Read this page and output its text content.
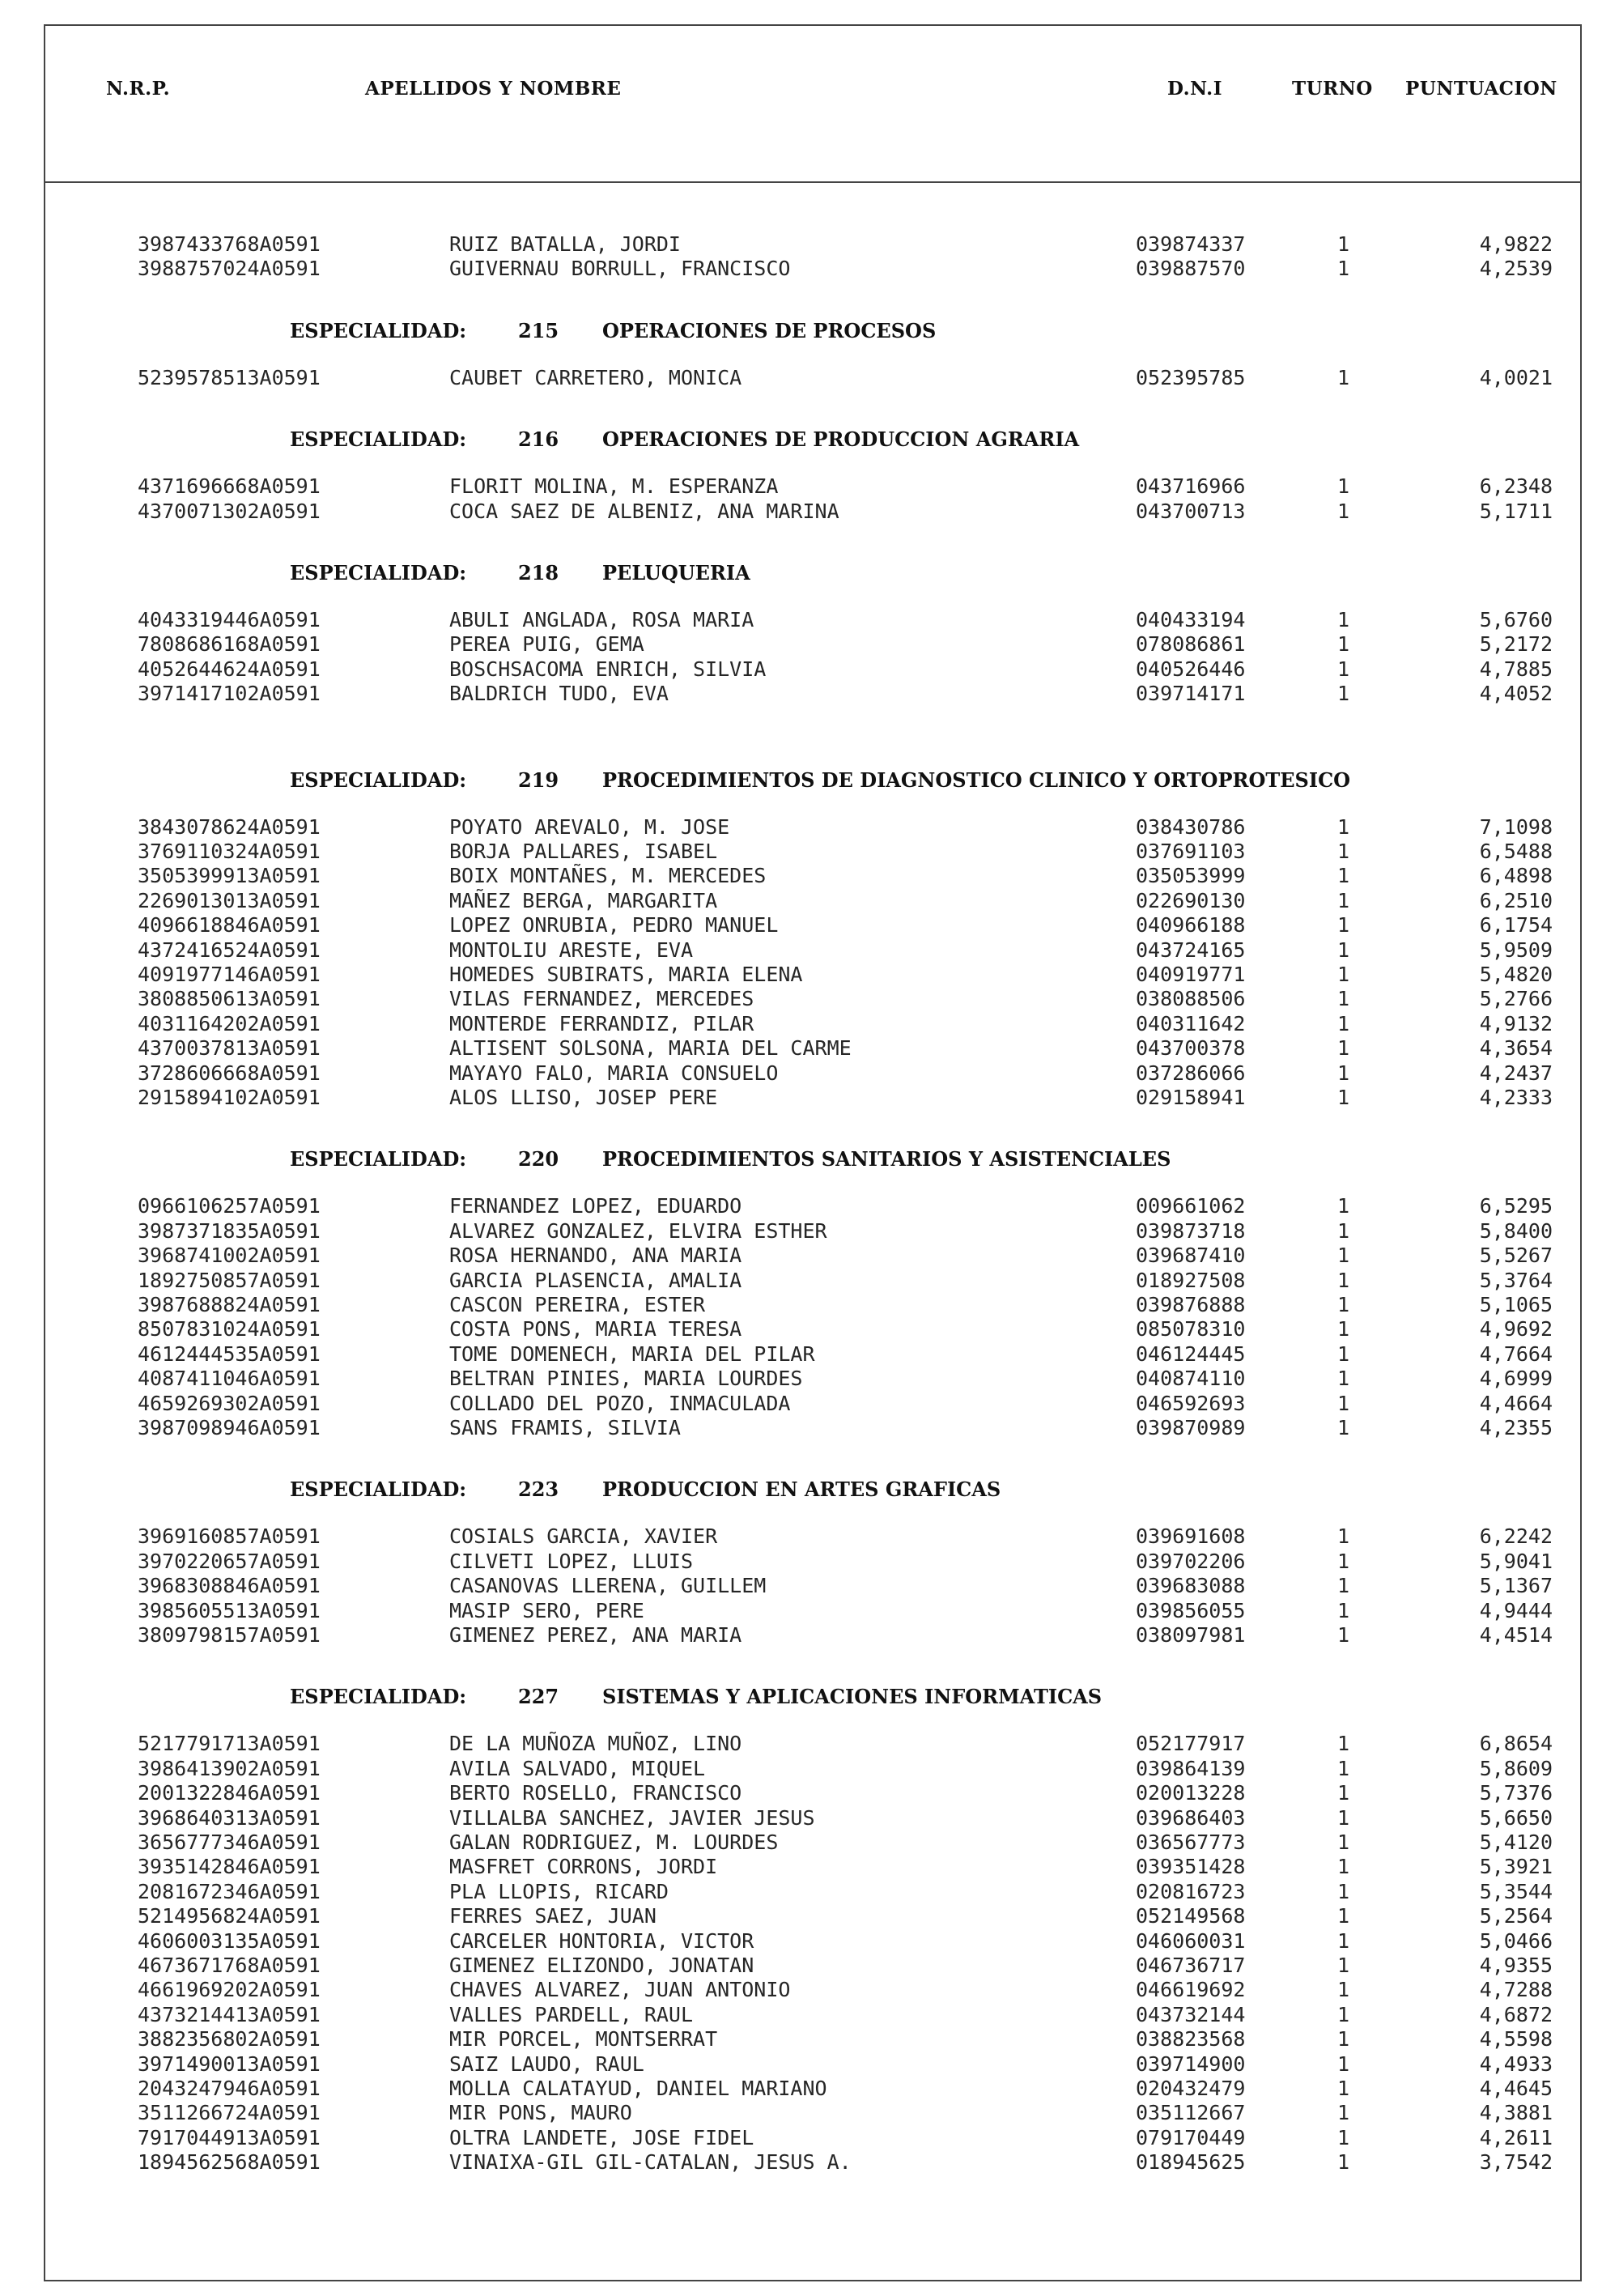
N.R.P.	APELLIDOS Y NOMBRE	D.N.I	TURNO PUNTUACION
3987433768A0591	RUIZ BATALLA, JORDI	039874337	1	4,9822
3988757024A0591	GUIVERNAU BORRULL, FRANCISCO	039887570	1	4,2539
ESPECIALIDAD:	215 OPERACIONES DE PROCESOS
5239578513A0591	CAUBET CARRETERO, MONICA	052395785	1	4,0021
ESPECIALIDAD:	216 OPERACIONES DE PRODUCCION AGRARIA
4371696668A0591	FLORIT MOLINA, M. ESPERANZA	043716966	1	6,2348
4370071302A0591	COCA SAEZ DE ALBENIZ, ANA MARINA	043700713	1	5,1711
ESPECIALIDAD:	218 PELUQUERIA
4043319446A0591	ABULI ANGLADA, ROSA MARIA	040433194	1	5,6760
7808686168A0591	PEREA PUIG, GEMA	078086861	1	5,2172
4052644624A0591	BOSCHSACOMA ENRICH, SILVIA	040526446	1	4,7885
3971417102A0591	BALDRICH TUDO, EVA	039714171	1	4,4052
ESPECIALIDAD:	219 PROCEDIMIENTOS DE DIAGNOSTICO CLINICO Y ORTOPROTESICO
3843078624A0591	POYATO AREVALO, M. JOSE	038430786	1	7,1098
3769110324A0591	BORJA PALLARES, ISABEL	037691103	1	6,5488
3505399913A0591	BOIX MONTAÑES, M. MERCEDES	035053999	1	6,4898
2269013013A0591	MAÑEZ BERGA, MARGARITA	022690130	1	6,2510
4096618846A0591	LOPEZ ONRUBIA, PEDRO MANUEL	040966188	1	6,1754
4372416524A0591	MONTOLIU ARESTE, EVA	043724165	1	5,9509
4091977146A0591	HOMEDES SUBIRATS, MARIA ELENA	040919771	1	5,4820
3808850613A0591	VILAS FERNANDEZ, MERCEDES	038088506	1	5,2766
4031164202A0591	MONTERDE FERRANDIZ, PILAR	040311642	1	4,9132
4370037813A0591	ALTISENT SOLSONA, MARIA DEL CARME	043700378	1	4,3654
3728606668A0591	MAYAYO FALO, MARIA CONSUELO	037286066	1	4,2437
2915894102A0591	ALOS LLISO, JOSEP PERE	029158941	1	4,2333
ESPECIALIDAD:	220 PROCEDIMIENTOS SANITARIOS Y ASISTENCIALES
0966106257A0591	FERNANDEZ LOPEZ, EDUARDO	009661062	1	6,5295
3987371835A0591	ALVAREZ GONZALEZ, ELVIRA ESTHER	039873718	1	5,8400
3968741002A0591	ROSA HERNANDO, ANA MARIA	039687410	1	5,5267
1892750857A0591	GARCIA PLASENCIA, AMALIA	018927508	1	5,3764
3987688824A0591	CASCON PEREIRA, ESTER	039876888	1	5,1065
8507831024A0591	COSTA PONS, MARIA TERESA	085078310	1	4,9692
4612444535A0591	TOME DOMENECH, MARIA DEL PILAR	046124445	1	4,7664
4087411046A0591	BELTRAN PINIES, MARIA LOURDES	040874110	1	4,6999
4659269302A0591	COLLADO DEL POZO, INMACULADA	046592693	1	4,4664
3987098946A0591	SANS FRAMIS, SILVIA	039870989	1	4,2355
ESPECIALIDAD:	223 PRODUCCION EN ARTES GRAFICAS
3969160857A0591	COSIALS GARCIA, XAVIER	039691608	1	6,2242
3970220657A0591	CILVETI LOPEZ, LLUIS	039702206	1	5,9041
3968308846A0591	CASANOVAS LLERENA, GUILLEM	039683088	1	5,1367
3985605513A0591	MASIP SERO, PERE	039856055	1	4,9444
3809798157A0591	GIMENEZ PEREZ, ANA MARIA	038097981	1	4,4514
ESPECIALIDAD:	227 SISTEMAS Y APLICACIONES INFORMATICAS
5217791713A0591	DE LA MUÑOZA MUÑOZ, LINO	052177917	1	6,8654
3986413902A0591	AVILA SALVADO, MIQUEL	039864139	1	5,8609
2001322846A0591	BERTO ROSELLO, FRANCISCO	020013228	1	5,7376
3968640313A0591	VILLALBA SANCHEZ, JAVIER JESUS	039686403	1	5,6650
3656777346A0591	GALAN RODRIGUEZ, M. LOURDES	036567773	1	5,4120
3935142846A0591	MASFRET CORRONS, JORDI	039351428	1	5,3921
2081672346A0591	PLA LLOPIS, RICARD	020816723	1	5,3544
5214956824A0591	FERRES SAEZ, JUAN	052149568	1	5,2564
4606003135A0591	CARCELER HONTORIA, VICTOR	046060031	1	5,0466
4673671768A0591	GIMENEZ ELIZONDO, JONATAN	046736717	1	4,9355
4661969202A0591	CHAVES ALVAREZ, JUAN ANTONIO	046619692	1	4,7288
4373214413A0591	VALLES PARDELL, RAUL	043732144	1	4,6872
3882356802A0591	MIR PORCEL, MONTSERRAT	038823568	1	4,5598
3971490013A0591	SAIZ LAUDO, RAUL	039714900	1	4,4933
2043247946A0591	MOLLA CALATAYUD, DANIEL MARIANO	020432479	1	4,4645
3511266724A0591	MIR PONS, MAURO	035112667	1	4,3881
7917044913A0591	OLTRA LANDETE, JOSE FIDEL	079170449	1	4,2611
1894562568A0591	VINAIXA-GIL GIL-CATALAN, JESUS A.	018945625	1	3,7542
